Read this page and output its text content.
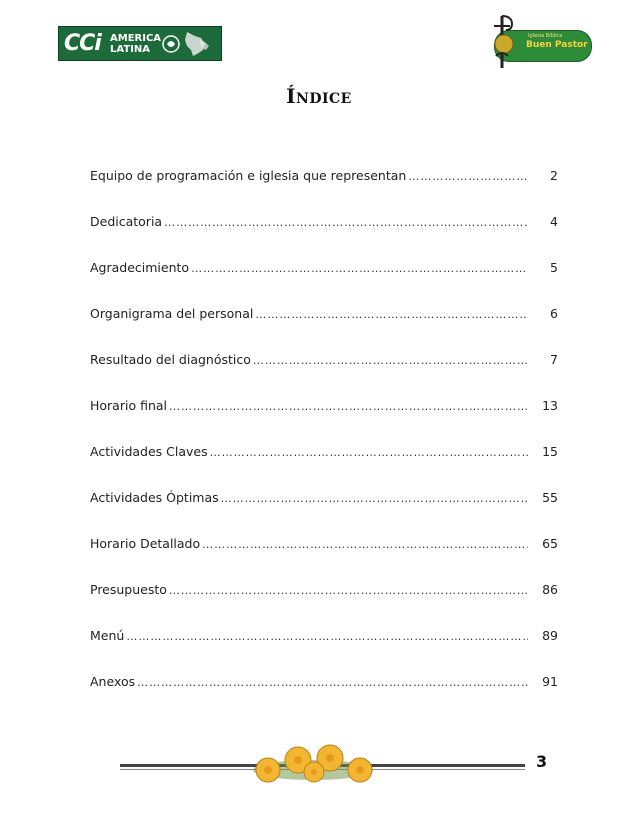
CCi AMERICA
LATINA
Iglesia Bíblica
Buen Pastor
Índice
Equipo de programación e iglesia que representan ………………………………………………………………………………………………………………………………………………	2
Dedicatoria ………………………………………………………………………………………………………………………………………………	4
Agradecimiento ………………………………………………………………………………………………………………………………………………	5
Organigrama del personal ………………………………………………………………………………………………………………………………………………	6
Resultado del diagnóstico ………………………………………………………………………………………………………………………………………………	7
Horario final ………………………………………………………………………………………………………………………………………………	13
Actividades Claves ………………………………………………………………………………………………………………………………………………	15
Actividades Óptimas ………………………………………………………………………………………………………………………………………………	55
Horario Detallado ………………………………………………………………………………………………………………………………………………	65
Presupuesto ………………………………………………………………………………………………………………………………………………	86
Menú ………………………………………………………………………………………………………………………………………………	89
Anexos ………………………………………………………………………………………………………………………………………………	91
3
